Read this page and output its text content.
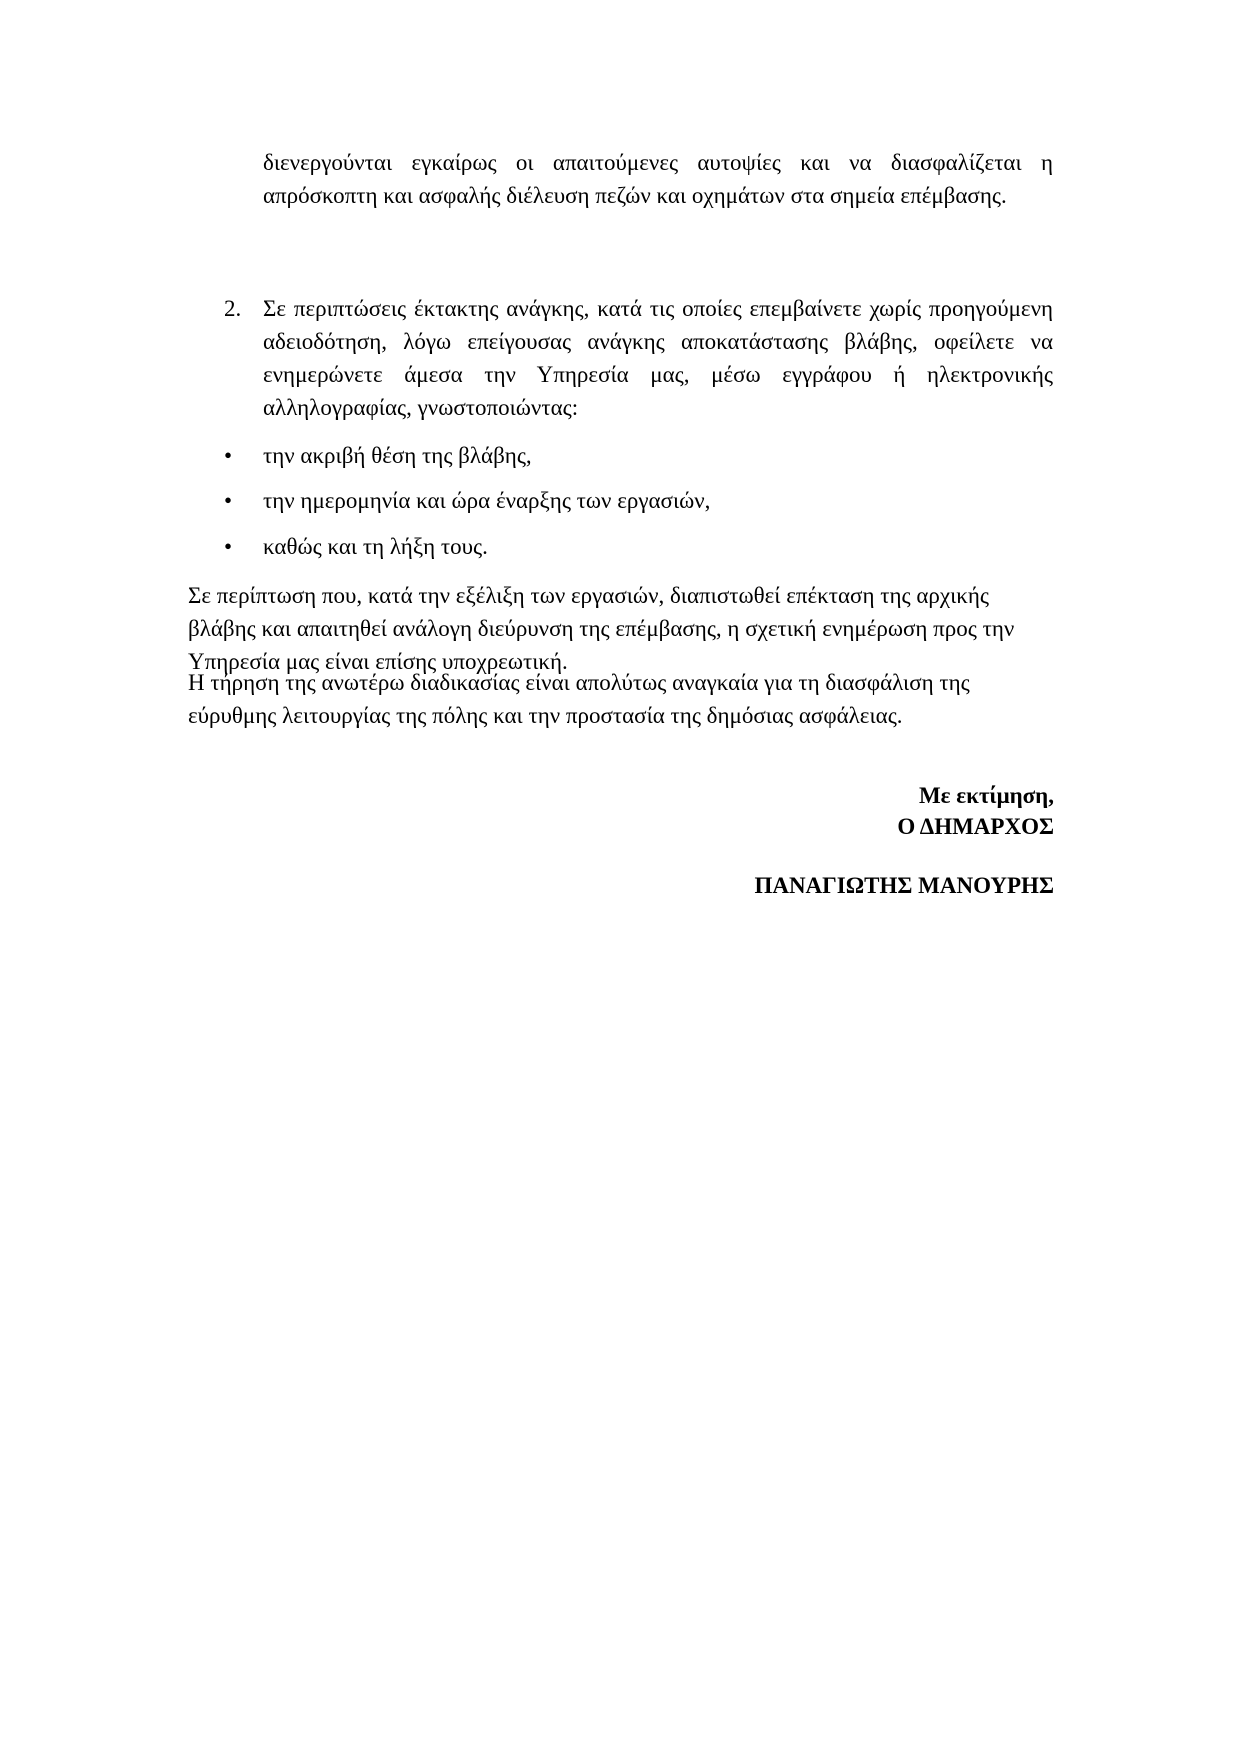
διενεργούνται εγκαίρως οι απαιτούμενες αυτοψίες και να διασφαλίζεται η απρόσκοπτη και ασφαλής διέλευση πεζών και οχημάτων στα σημεία επέμβασης.

2. Σε περιπτώσεις έκτακτης ανάγκης, κατά τις οποίες επεμβαίνετε χωρίς προηγούμενη αδειοδότηση, λόγω επείγουσας ανάγκης αποκατάστασης βλάβης, οφείλετε να ενημερώνετε άμεσα την Υπηρεσία μας, μέσω εγγράφου ή ηλεκτρονικής αλληλογραφίας, γνωστοποιώντας:

•	την ακριβή θέση της βλάβης,
•	την ημερομηνία και ώρα έναρξης των εργασιών,
•	καθώς και τη λήξη τους.

Σε περίπτωση που, κατά την εξέλιξη των εργασιών, διαπιστωθεί επέκταση της αρχικής βλάβης και απαιτηθεί ανάλογη διεύρυνση της επέμβασης, η σχετική ενημέρωση προς την Υπηρεσία μας είναι επίσης υποχρεωτική.

Η τήρηση της ανωτέρω διαδικασίας είναι απολύτως αναγκαία για τη διασφάλιση της εύρυθμης λειτουργίας της πόλης και την προστασία της δημόσιας ασφάλειας.

Με εκτίμηση,
Ο ΔΗΜΑΡΧΟΣ
ΠΑΝΑΓΙΩΤΗΣ ΜΑΝΟΥΡΗΣ
